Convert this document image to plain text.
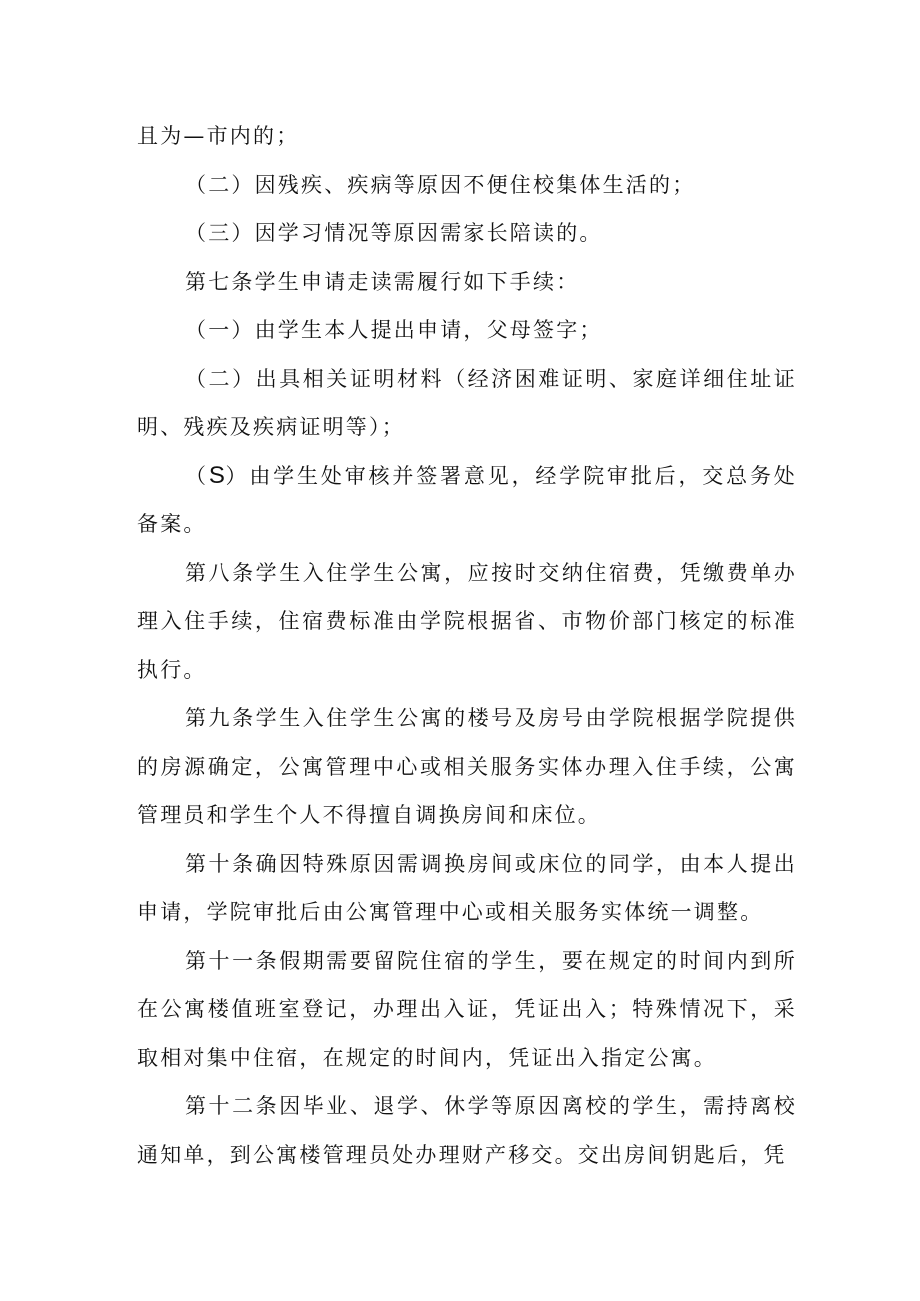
且为—市内的；

（二）因残疾、疾病等原因不便住校集体生活的；

（三）因学习情况等原因需家长陪读的。

第七条学生申请走读需履行如下手续：

（一）由学生本人提出申请，父母签字；

（二）出具相关证明材料（经济困难证明、家庭详细住址证明、残疾及疾病证明等）；

（S）由学生处审核并签署意见，经学院审批后，交总务处备案。

第八条学生入住学生公寓，应按时交纳住宿费，凭缴费单办理入住手续，住宿费标准由学院根据省、市物价部门核定的标准执行。

第九条学生入住学生公寓的楼号及房号由学院根据学院提供的房源确定，公寓管理中心或相关服务实体办理入住手续，公寓管理员和学生个人不得擅自调换房间和床位。

第十条确因特殊原因需调换房间或床位的同学，由本人提出申请，学院审批后由公寓管理中心或相关服务实体统一调整。

第十一条假期需要留院住宿的学生，要在规定的时间内到所在公寓楼值班室登记，办理出入证，凭证出入；特殊情况下，采取相对集中住宿，在规定的时间内，凭证出入指定公寓。

第十二条因毕业、退学、休学等原因离校的学生，需持离校通知单，到公寓楼管理员处办理财产移交。交出房间钥匙后，凭
